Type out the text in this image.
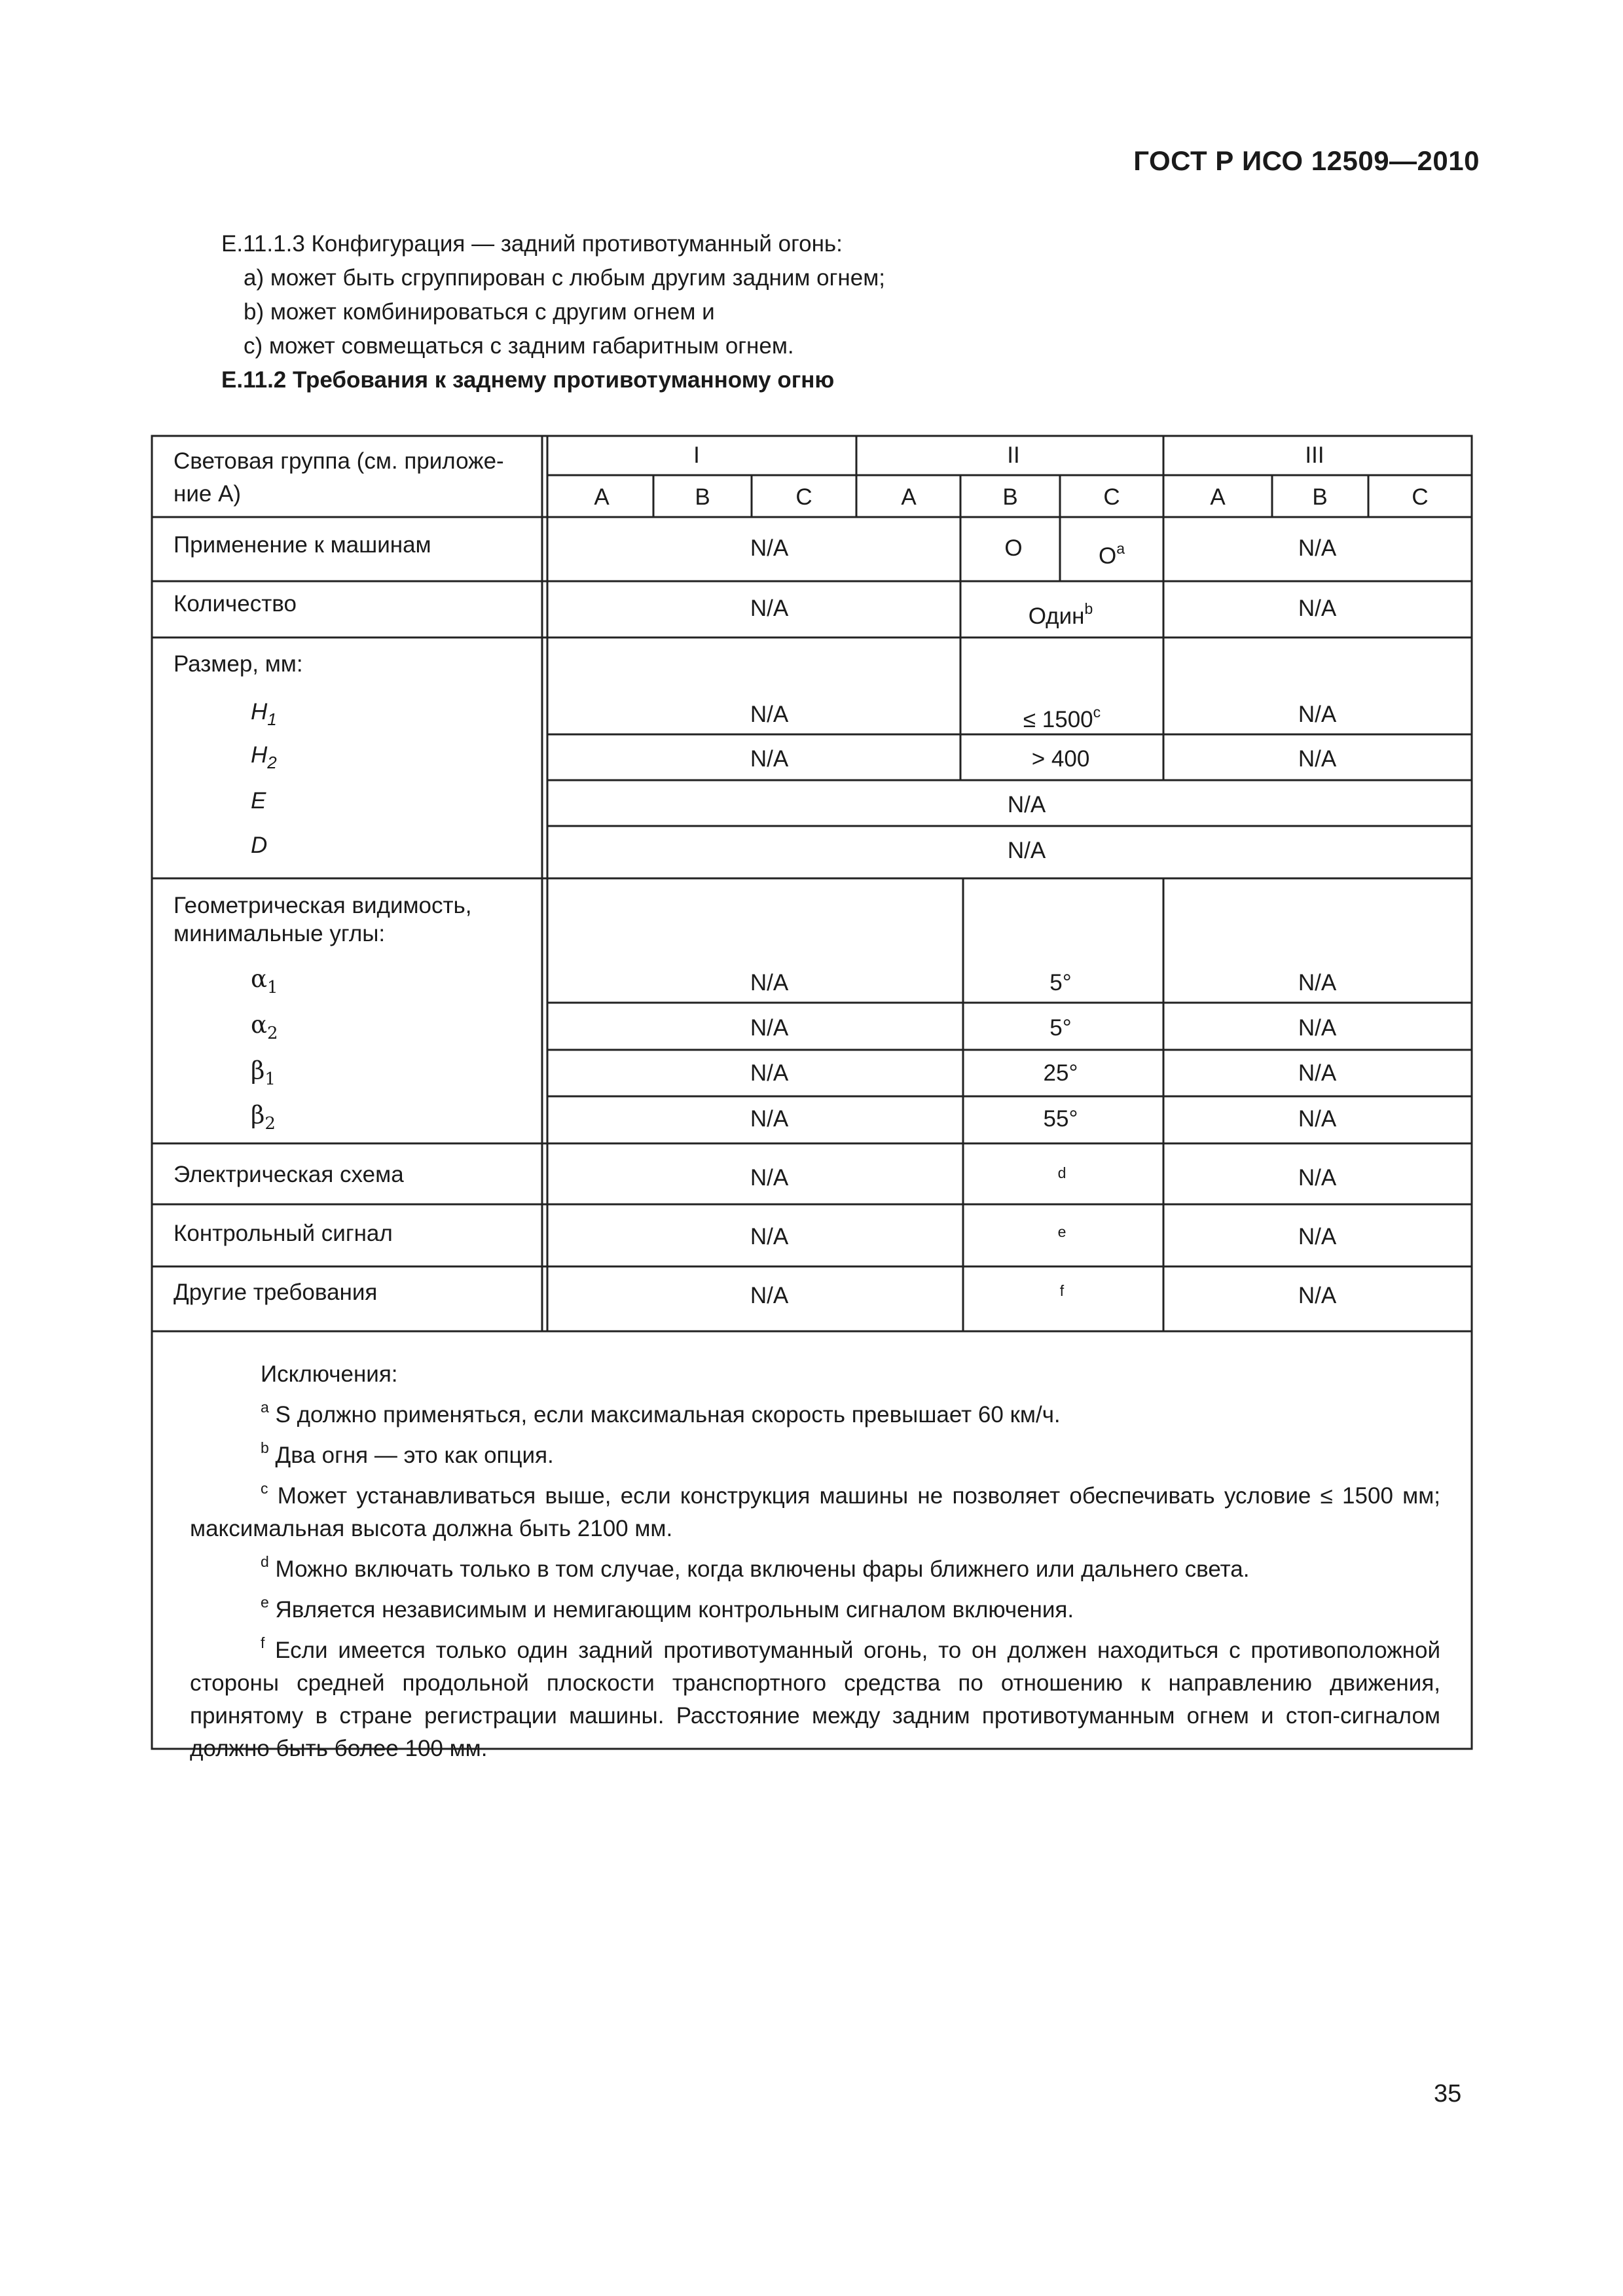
ГОСТ Р ИСО 12509—2010
E.11.1.3 Конфигурация — задний противотуманный огонь:
a) может быть сгруппирован с любым другим задним огнем;
b) может комбинироваться с другим огнем и
c) может совмещаться с задним габаритным огнем.
E.11.2 Требования к заднему противотуманному огню
Световая группа (см. приложе-
ние А)
I	II	III
A	B	C	A	B	C	A	B	C
Применение к машинам	N/A	O	$O^a$	N/A
Количество	N/A	Один$^b$	N/A
Размер, мм:
$H_1$	N/A	≤ $1500^c$	N/A
$H_2$	N/A	> 400	N/A
E	N/A
D	N/A
Геометрическая видимость,
минимальные углы:
$\alpha_1$	N/A	5°	N/A
$\alpha_2$	N/A	5°	N/A
$\beta_1$	N/A	25°	N/A
$\beta_2$	N/A	55°	N/A
Электрическая схема	N/A	d	N/A
Контрольный сигнал	N/A	e	N/A
Другие требования	N/A	f	N/A

Исключения:

$^a$ S должно применяться, если максимальная скорость превышает 60 км/ч.

$^b$ Два огня — это как опция.

$^c$ Может устанавливаться выше, если конструкция машины не позволяет обеспечивать условие ≤ 1500 мм; максимальная высота должна быть 2100 мм.

$^d$ Можно включать только в том случае, когда включены фары ближнего или дальнего света.

$^e$ Является независимым и немигающим контрольным сигналом включения.

$^f$ Если имеется только один задний противотуманный огонь, то он должен находиться с противоположной стороны средней продольной плоскости транспортного средства по отношению к направлению движения, принятому в стране регистрации машины. Расстояние между задним противотуманным огнем и стоп-сигналом должно быть более 100 мм.

35
